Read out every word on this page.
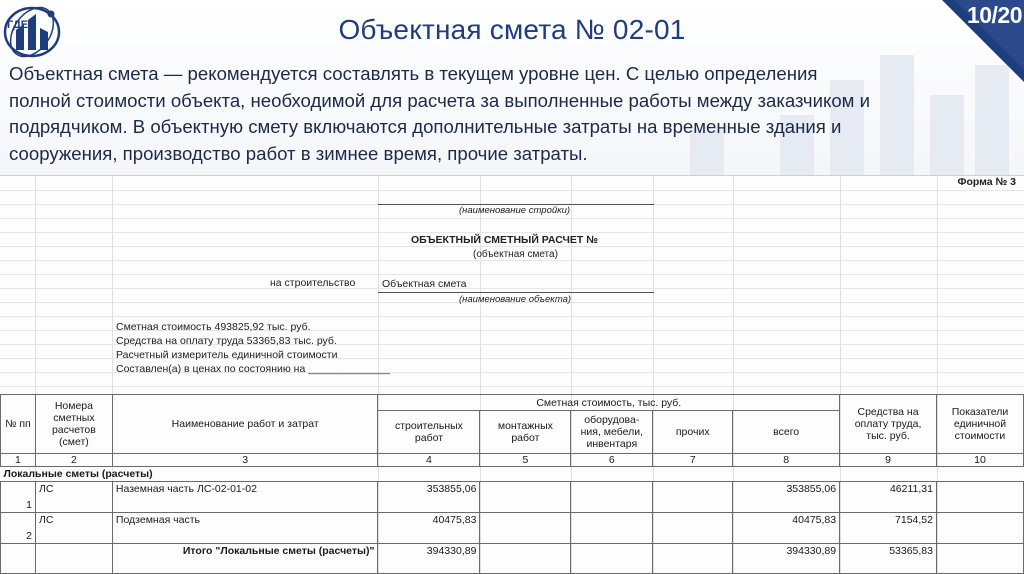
ГДЕ	10/20
Объектная смета № 02-01
Объектная смета — рекомендуется составлять в текущем уровне цен. С целью определения
полной стоимости объекта, необходимой для расчета за выполненные работы между заказчиком и
подрядчиком. В объектную смету включаются дополнительные затраты на временные здания и
сооружения, производство работ в зимнее время, прочие затраты.
Форма № 3
(наименование стройки)
ОБЪЕКТНЫЙ СМЕТНЫЙ РАСЧЕТ №
(объектная смета)
на строительство	Объектная смета
(наименование объекта)
Сметная стоимость 493825,92 тыс. руб.
Средства на оплату труда 53365,83 тыс. руб.
Расчетный измеритель единичной стоимости
Составлен(а) в ценах по состоянию на ______________
№ пп	Номера сметных расчетов (смет)	Наименование работ и затрат	Сметная стоимость, тыс. руб.					Средства на оплату труда, тыс. руб.	Показатели единичной стоимости
			строительных работ	монтажных работ	оборудова-ния, мебели, инвентаря	прочих	всего		
1	2	3	4	5	6	7	8	9	10
Локальные сметы (расчеты)									
1	ЛС	Наземная часть ЛС-02-01-02	353855,06				353855,06	46211,31	
2	ЛС	Подземная часть	40475,83				40475,83	7154,52	
		Итого "Локальные сметы (расчеты)"	394330,89				394330,89	53365,83	
